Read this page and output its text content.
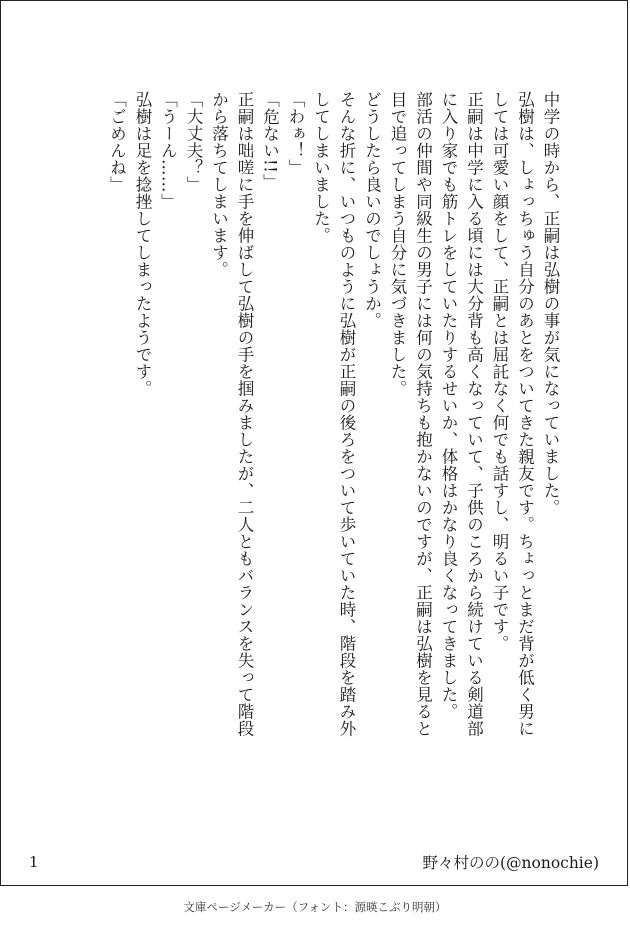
中学の時から、正嗣は弘樹の事が気になっていました。

弘樹は、しょっちゅう自分のあとをついてきた親友です。ちょっとまだ背が低く男に

しては可愛い顔をして、正嗣とは屈託なく何でも話すし、明るい子です。

正嗣は中学に入る頃には大分背も高くなっていて、子供のころから続けている剣道部

に入り家でも筋トレをしていたりするせいか、体格はかなり良くなってきました。

部活の仲間や同級生の男子には何の気持ちも抱かないのですが、正嗣は弘樹を見ると

目で追ってしまう自分に気づきました。

どうしたら良いのでしょうか。

そんな折に、いつものように弘樹が正嗣の後ろをついて歩いていた時、階段を踏み外

してしまいました。

「わぁ！」

「危ない!!」

正嗣は咄嗟に手を伸ばして弘樹の手を掴みましたが、二人ともバランスを失って階段

から落ちてしまいます。

「大丈夫？」

「うーん……」

弘樹は足を捻挫してしまったようです。

「ごめんね」

1	野々村のの(@nonochie)
文庫ページメーカー（フォント：源暎こぶり明朝）
